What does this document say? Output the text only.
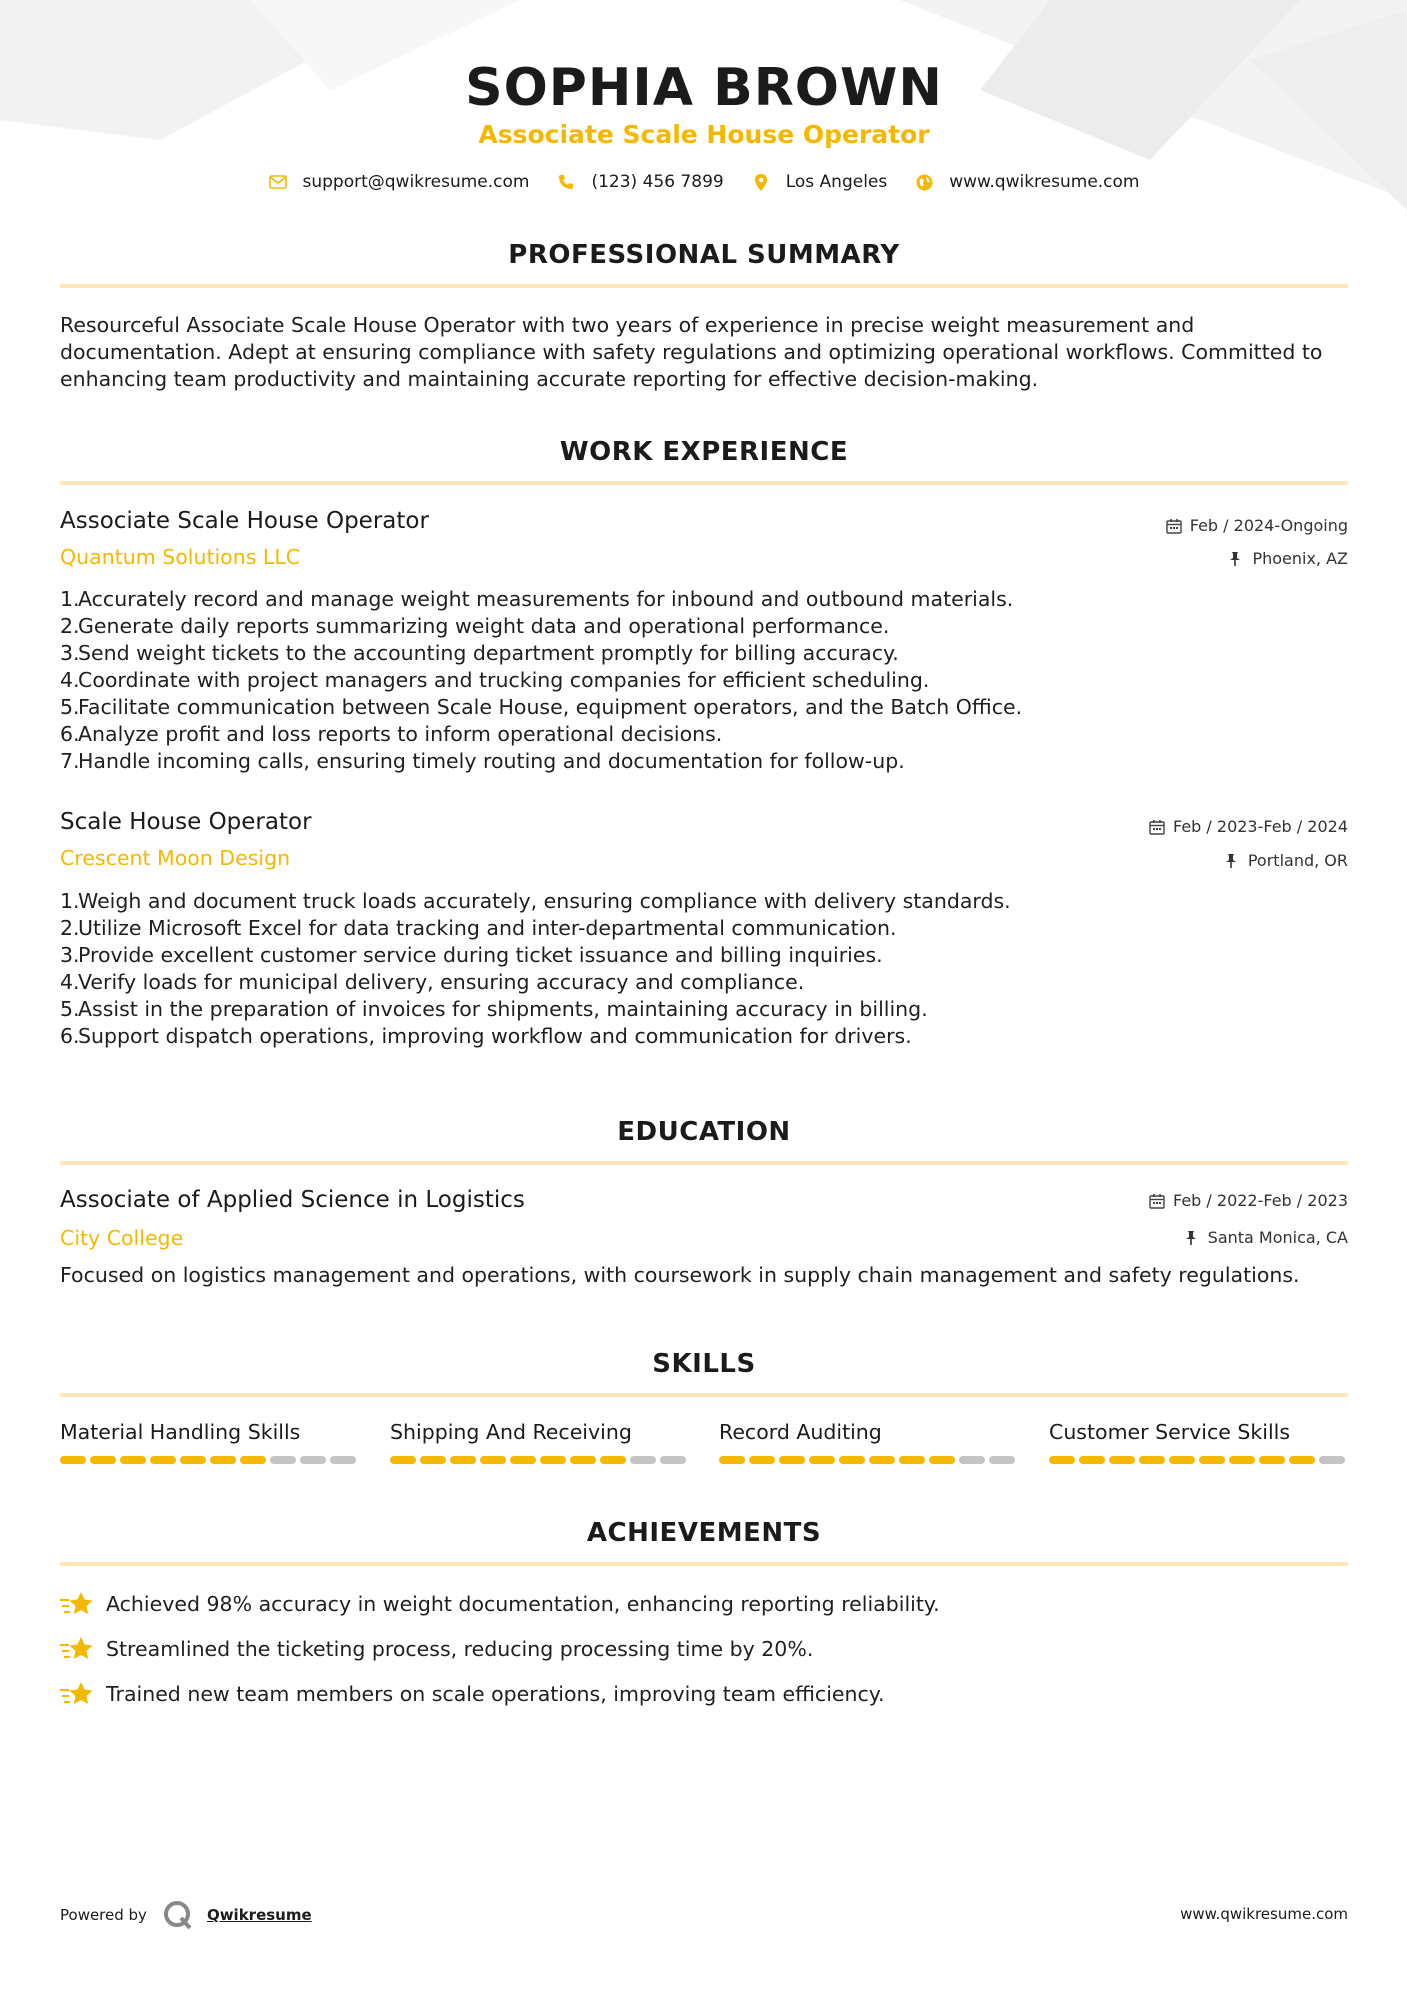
SOPHIA BROWN
Associate Scale House Operator
support@qwikresume.com	(123) 456 7899	Los Angeles	www.qwikresume.com
PROFESSIONAL SUMMARY
Resourceful Associate Scale House Operator with two years of experience in precise weight measurement and documentation. Adept at ensuring compliance with safety regulations and optimizing operational workflows. Committed to enhancing team productivity and maintaining accurate reporting for effective decision-making.
WORK EXPERIENCE
Associate Scale House Operator	Feb / 2024-Ongoing
Quantum Solutions LLC	Phoenix, AZ
1.
Accurately record and manage weight measurements for inbound and outbound materials.
2.
Generate daily reports summarizing weight data and operational performance.
3.
Send weight tickets to the accounting department promptly for billing accuracy.
4.
Coordinate with project managers and trucking companies for efficient scheduling.
5.
Facilitate communication between Scale House, equipment operators, and the Batch Office.
6.
Analyze profit and loss reports to inform operational decisions.
7.
Handle incoming calls, ensuring timely routing and documentation for follow-up.
Scale House Operator	Feb / 2023-Feb / 2024
Crescent Moon Design	Portland, OR
1.
Weigh and document truck loads accurately, ensuring compliance with delivery standards.
2.
Utilize Microsoft Excel for data tracking and inter-departmental communication.
3.
Provide excellent customer service during ticket issuance and billing inquiries.
4.
Verify loads for municipal delivery, ensuring accuracy and compliance.
5.
Assist in the preparation of invoices for shipments, maintaining accuracy in billing.
6.
Support dispatch operations, improving workflow and communication for drivers.
EDUCATION
Associate of Applied Science in Logistics	Feb / 2022-Feb / 2023
City College	Santa Monica, CA
Focused on logistics management and operations, with coursework in supply chain management and safety regulations.
SKILLS
Material Handling Skills	Shipping And Receiving	Record Auditing	Customer Service Skills
ACHIEVEMENTS
Achieved 98% accuracy in weight documentation, enhancing reporting reliability.
Streamlined the ticketing process, reducing processing time by 20%.
Trained new team members on scale operations, improving team efficiency.
Powered by	Qwikresume	www.qwikresume.com
